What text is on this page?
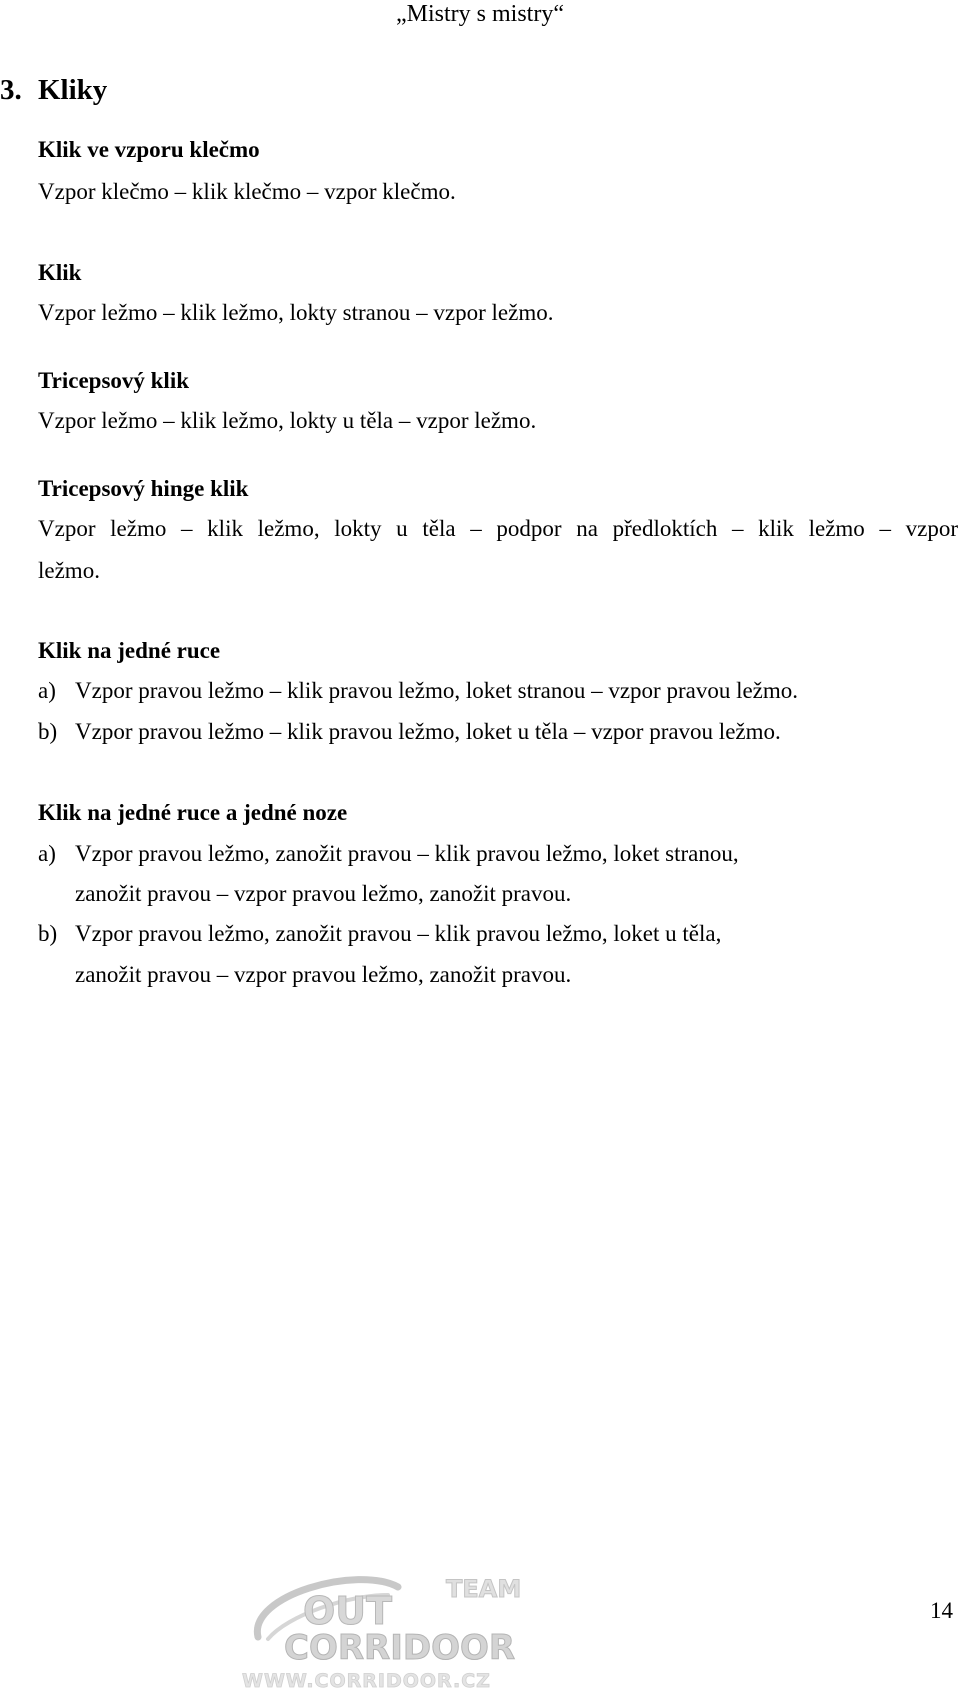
„Mistry s mistry“
3. Kliky
Klik ve vzporu klečmo
Vzpor klečmo – klik klečmo – vzpor klečmo.
Klik
Vzpor ležmo – klik ležmo, lokty stranou – vzpor ležmo.
Tricepsový klik
Vzpor ležmo – klik ležmo, lokty u těla – vzpor ležmo.
Tricepsový hinge klik
Vzpor ležmo – klik ležmo, lokty u těla – podpor na předloktích – klik ležmo – vzpor
ležmo.
Klik na jedné ruce
a) Vzpor pravou ležmo – klik pravou ležmo, loket stranou – vzpor pravou ležmo.
b) Vzpor pravou ležmo – klik pravou ležmo, loket u těla – vzpor pravou ležmo.
Klik na jedné ruce a jedné noze
a) Vzpor pravou ležmo, zanožit pravou – klik pravou ležmo, loket stranou,
zanožit pravou – vzpor pravou ležmo, zanožit pravou.
b) Vzpor pravou ležmo, zanožit pravou – klik pravou ležmo, loket u těla,
zanožit pravou – vzpor pravou ležmo, zanožit pravou.
OUT TEAM
CORRIDOOR
WWW.CORRIDOOR.CZ
14
